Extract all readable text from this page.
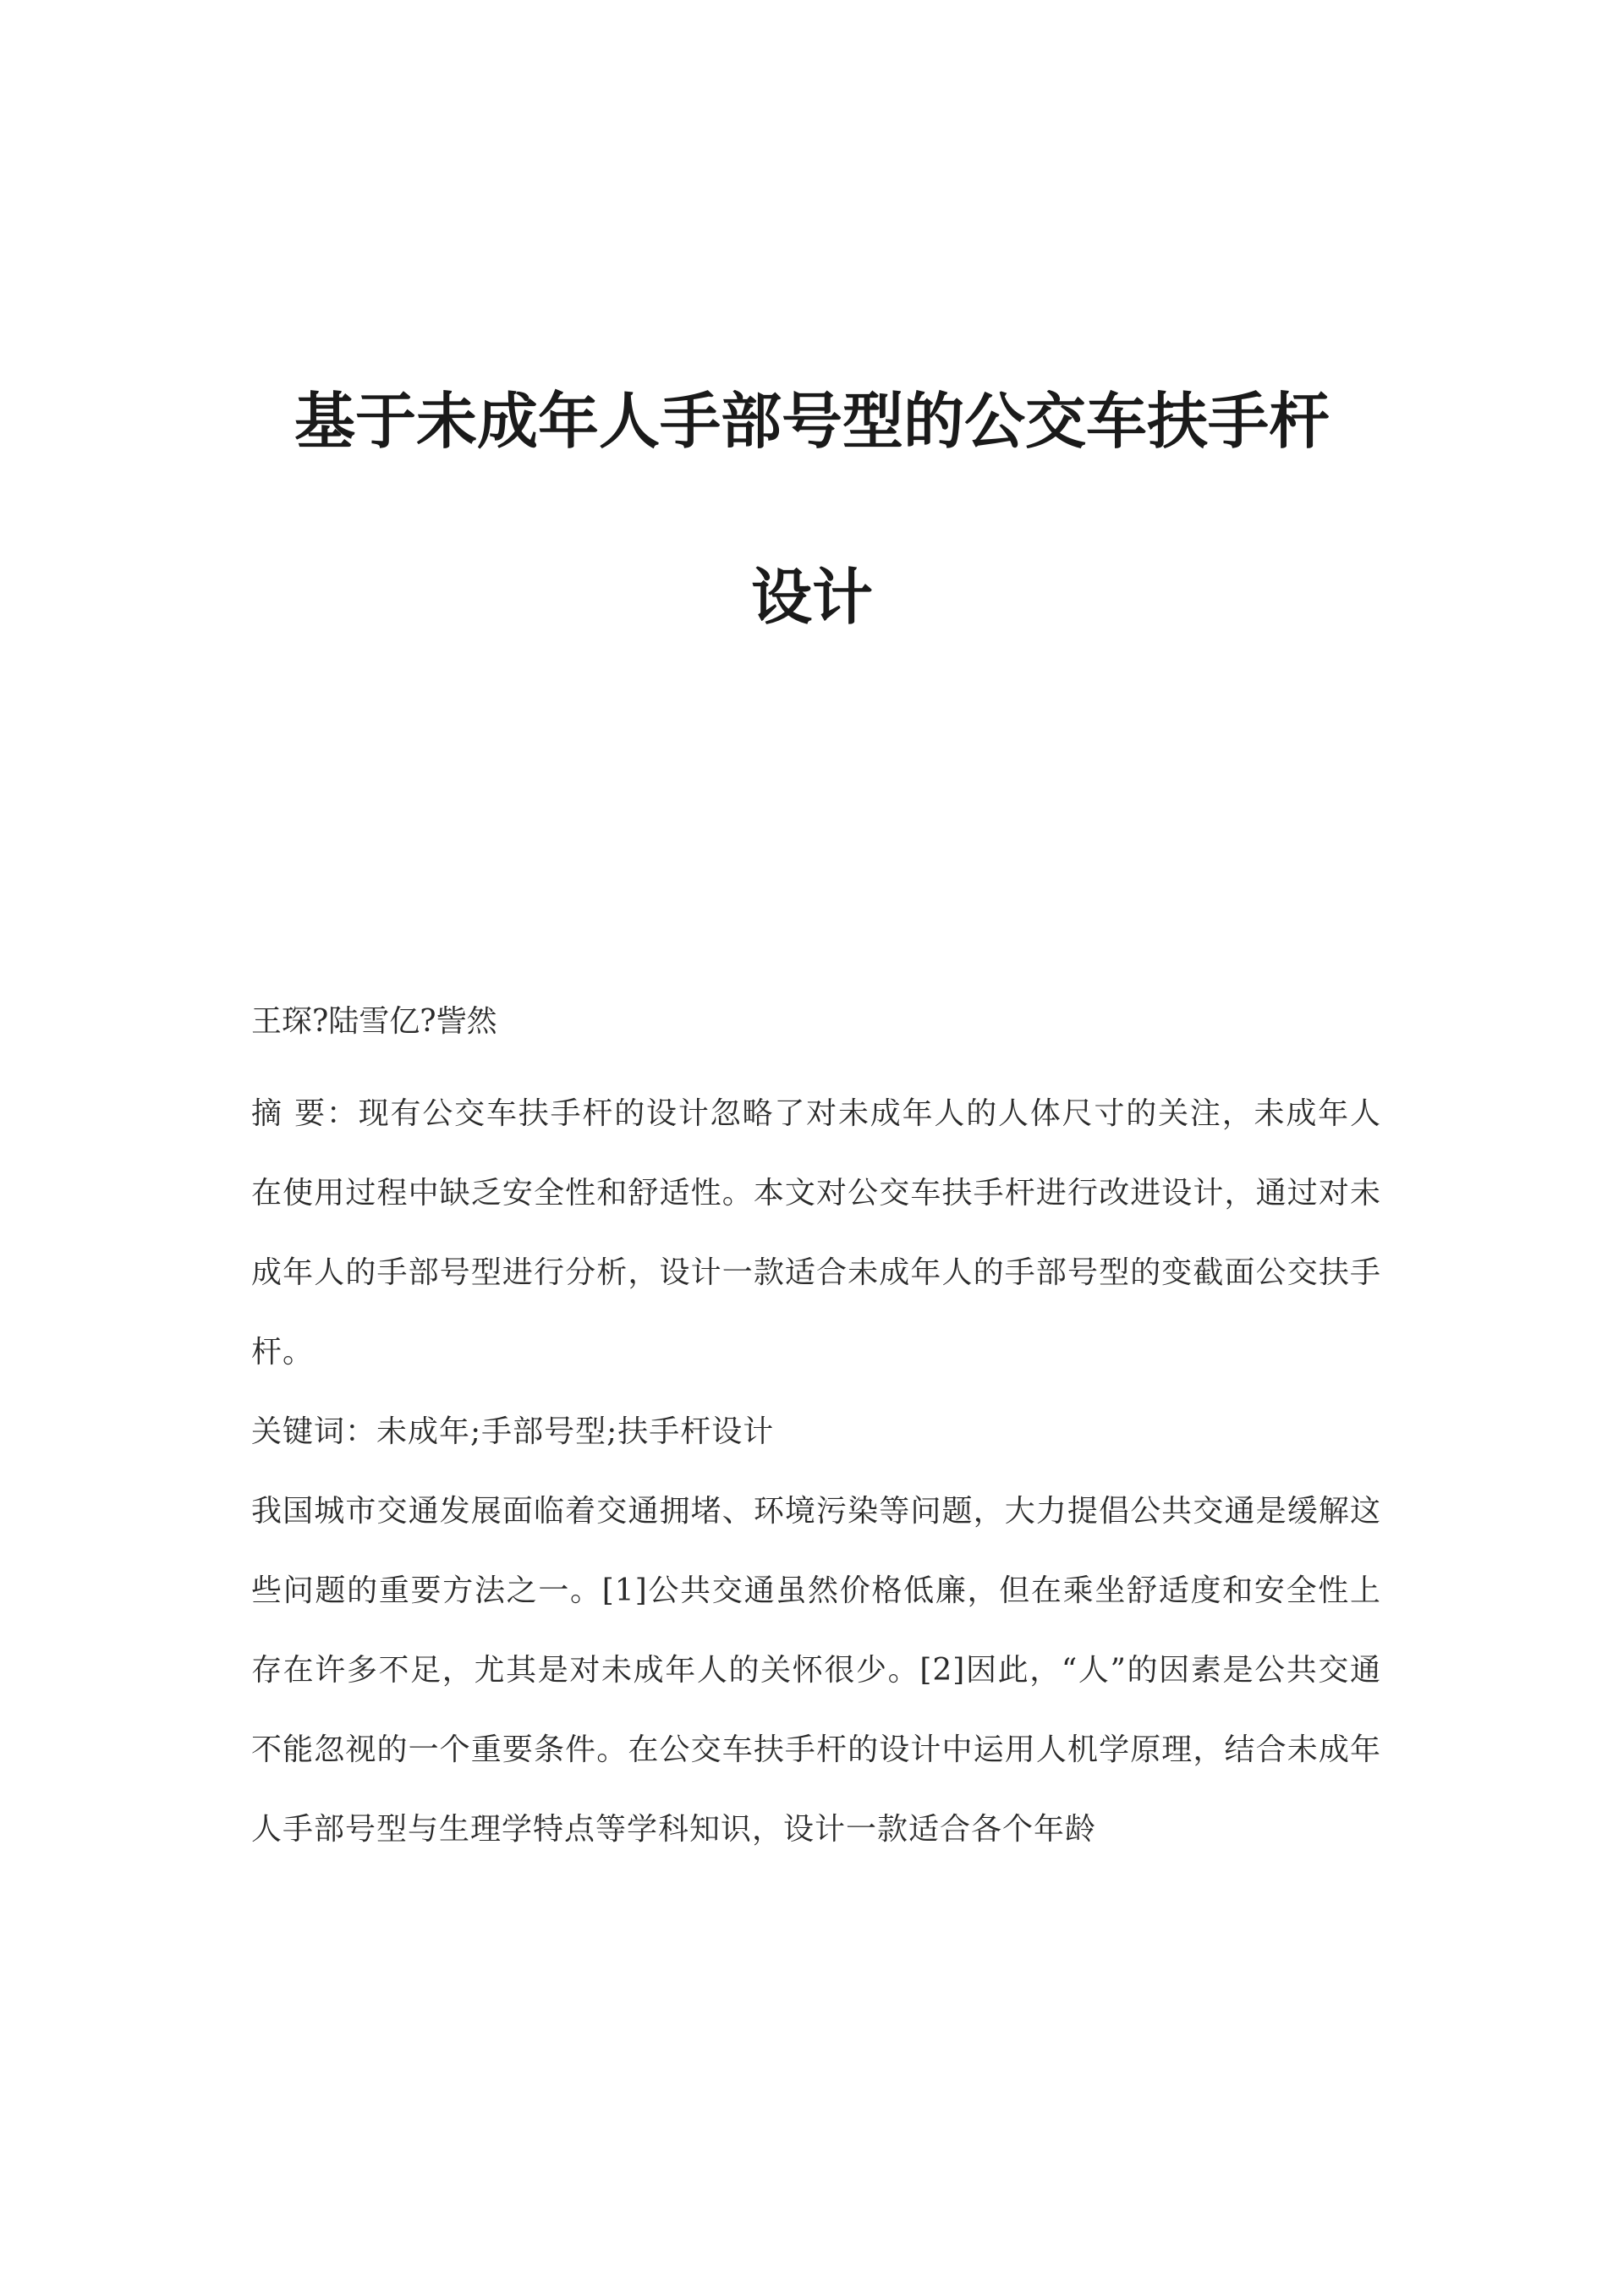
基于未成年人手部号型的公交车扶手杆
设计

王琛?陆雪亿?訾然

摘 要：现有公交车扶手杆的设计忽略了对未成年人的人体尺寸的关注，未成年人在使用过程中缺乏安全性和舒适性。本文对公交车扶手杆进行改进设计，通过对未成年人的手部号型进行分析，设计一款适合未成年人的手部号型的变截面公交扶手杆。

关键词：未成年;手部号型;扶手杆设计

我国城市交通发展面临着交通拥堵、环境污染等问题，大力提倡公共交通是缓解这些问题的重要方法之一。[1]公共交通虽然价格低廉，但在乘坐舒适度和安全性上存在许多不足，尤其是对未成年人的关怀很少。[2]因此，“人”的因素是公共交通不能忽视的一个重要条件。在公交车扶手杆的设计中运用人机学原理，结合未成年人手部号型与生理学特点等学科知识，设计一款适合各个年龄
